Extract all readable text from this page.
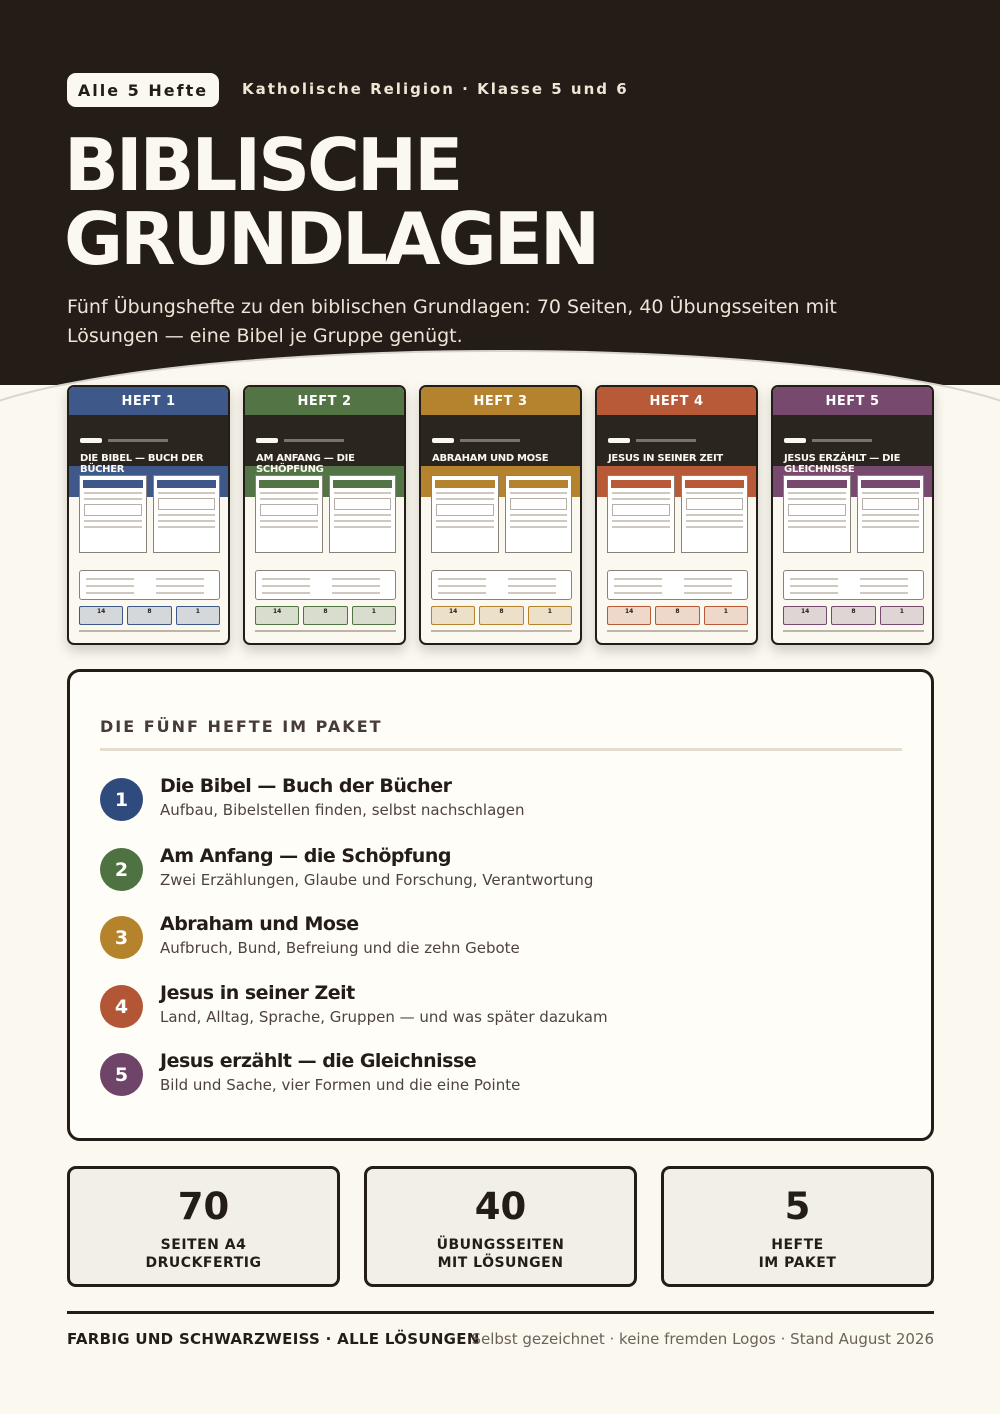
Alle 5 Hefte	Katholische Religion · Klasse 5 und 6
BIBLISCHE
GRUNDLAGEN

Fünf Übungshefte zu den biblischen Grundlagen: 70 Seiten, 40 Übungsseiten mit Lösungen — eine Bibel je Gruppe genügt.

HEFT 1
DIE BIBEL — BUCH DER BÜCHER
14	8	1
HEFT 2
AM ANFANG — DIE SCHÖPFUNG
14	8	1
HEFT 3
ABRAHAM UND MOSE
14	8	1
HEFT 4
JESUS IN SEINER ZEIT
14	8	1
HEFT 5
JESUS ERZÄHLT — DIE GLEICHNISSE
14	8	1
DIE FÜNF HEFTE IM PAKET
1
Die Bibel — Buch der Bücher
Aufbau, Bibelstellen finden, selbst nachschlagen
2
Am Anfang — die Schöpfung
Zwei Erzählungen, Glaube und Forschung, Verantwortung
3
Abraham und Mose
Aufbruch, Bund, Befreiung und die zehn Gebote
4
Jesus in seiner Zeit
Land, Alltag, Sprache, Gruppen — und was später dazukam
5
Jesus erzählt — die Gleichnisse
Bild und Sache, vier Formen und die eine Pointe
70
SEITEN A4
DRUCKFERTIG
40
ÜBUNGSSEITEN
MIT LÖSUNGEN
5
HEFTE
IM PAKET
FARBIG UND SCHWARZWEISS · ALLE LÖSUNGEN
Selbst gezeichnet · keine fremden Logos · Stand August 2026
